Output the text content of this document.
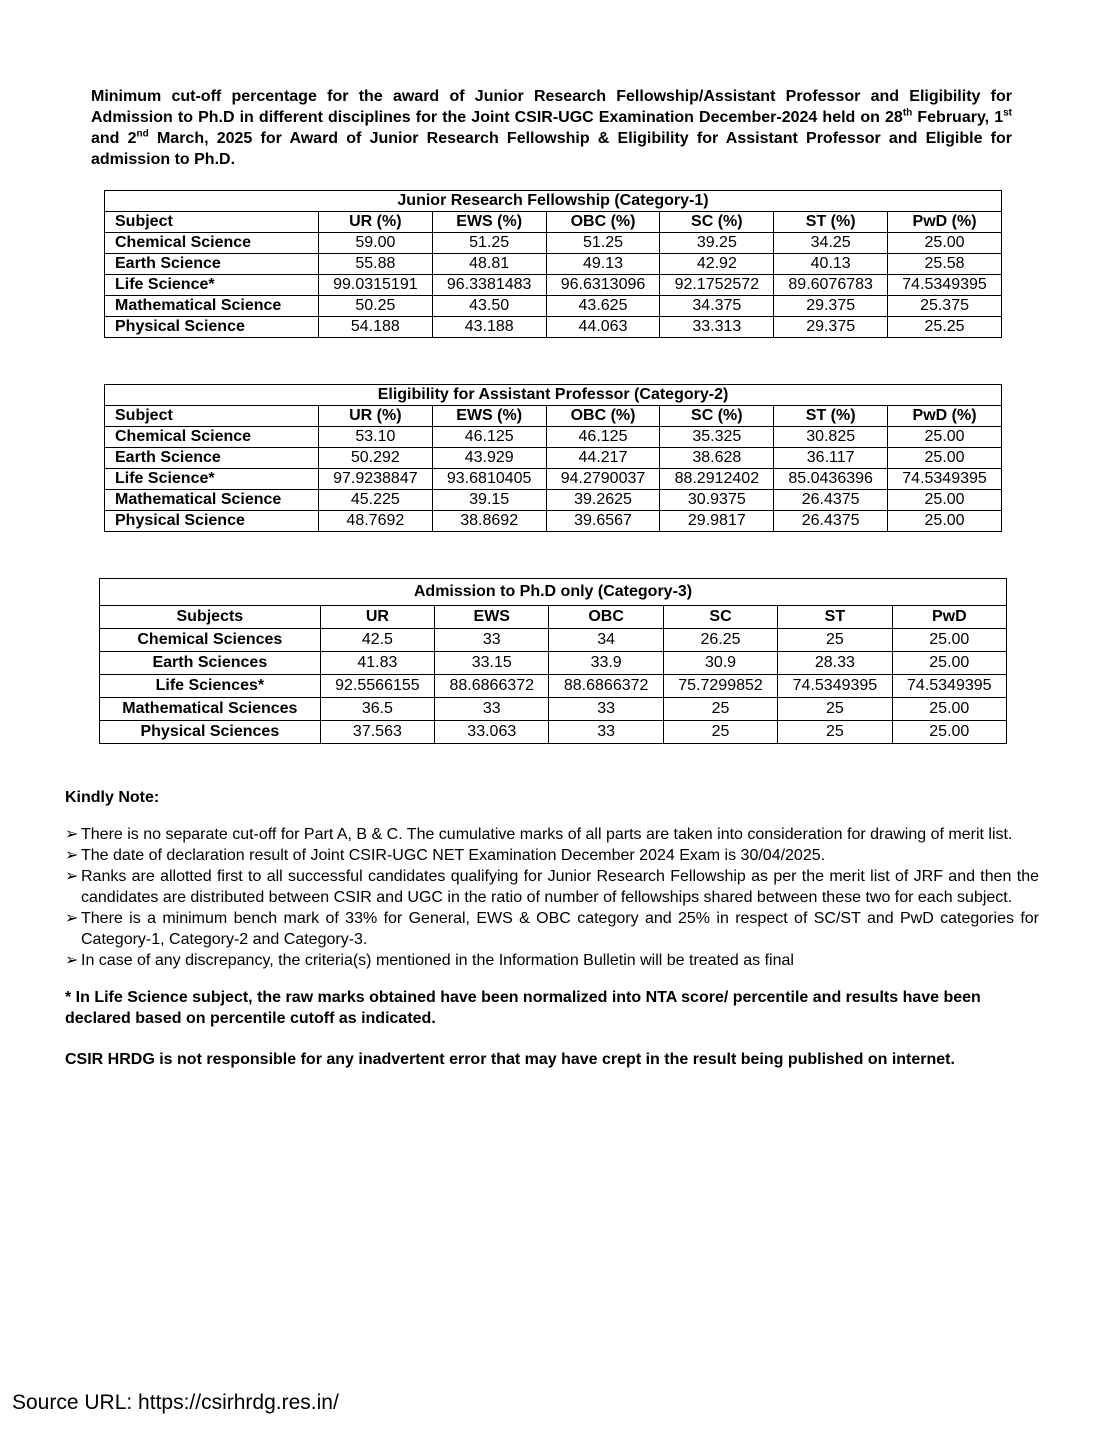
Minimum cut-off percentage for the award of Junior Research Fellowship/Assistant Professor and Eligibility for Admission to Ph.D in different disciplines for the Joint CSIR-UGC Examination December-2024 held on 28th February, 1st and 2nd March, 2025 for Award of Junior Research Fellowship & Eligibility for Assistant Professor and Eligible for admission to Ph.D.
Junior Research Fellowship (Category-1)						
Subject	UR (%)	EWS (%)	OBC (%)	SC (%)	ST (%)	PwD (%)
Chemical Science	59.00	51.25	51.25	39.25	34.25	25.00
Earth Science	55.88	48.81	49.13	42.92	40.13	25.58
Life Science*	99.0315191	96.3381483	96.6313096	92.1752572	89.6076783	74.5349395
Mathematical Science	50.25	43.50	43.625	34.375	29.375	25.375
Physical Science	54.188	43.188	44.063	33.313	29.375	25.25
Eligibility for Assistant Professor (Category-2)						
Subject	UR (%)	EWS (%)	OBC (%)	SC (%)	ST (%)	PwD (%)
Chemical Science	53.10	46.125	46.125	35.325	30.825	25.00
Earth Science	50.292	43.929	44.217	38.628	36.117	25.00
Life Science*	97.9238847	93.6810405	94.2790037	88.2912402	85.0436396	74.5349395
Mathematical Science	45.225	39.15	39.2625	30.9375	26.4375	25.00
Physical Science	48.7692	38.8692	39.6567	29.9817	26.4375	25.00
Admission to Ph.D only (Category-3)						
Subjects	UR	EWS	OBC	SC	ST	PwD
Chemical Sciences	42.5	33	34	26.25	25	25.00
Earth Sciences	41.83	33.15	33.9	30.9	28.33	25.00
Life Sciences*	92.5566155	88.6866372	88.6866372	75.7299852	74.5349395	74.5349395
Mathematical Sciences	36.5	33	33	25	25	25.00
Physical Sciences	37.563	33.063	33	25	25	25.00
Kindly Note:
➢ There is no separate cut-off for Part A, B & C. The cumulative marks of all parts are taken into consideration for drawing of merit list.
➢ The date of declaration result of Joint CSIR-UGC NET Examination December 2024 Exam is 30/04/2025.
➢ Ranks are allotted first to all successful candidates qualifying for Junior Research Fellowship as per the merit list of JRF and then the candidates are distributed between CSIR and UGC in the ratio of number of fellowships shared between these two for each subject.
➢ There is a minimum bench mark of 33% for General, EWS & OBC category and 25% in respect of SC/ST and PwD categories for Category-1, Category-2 and Category-3.
➢ In case of any discrepancy, the criteria(s) mentioned in the Information Bulletin will be treated as final
* In Life Science subject, the raw marks obtained have been normalized into NTA score/ percentile and results have been declared based on percentile cutoff as indicated.
CSIR HRDG is not responsible for any inadvertent error that may have crept in the result being published on internet.
Source URL: https://csirhrdg.res.in/
